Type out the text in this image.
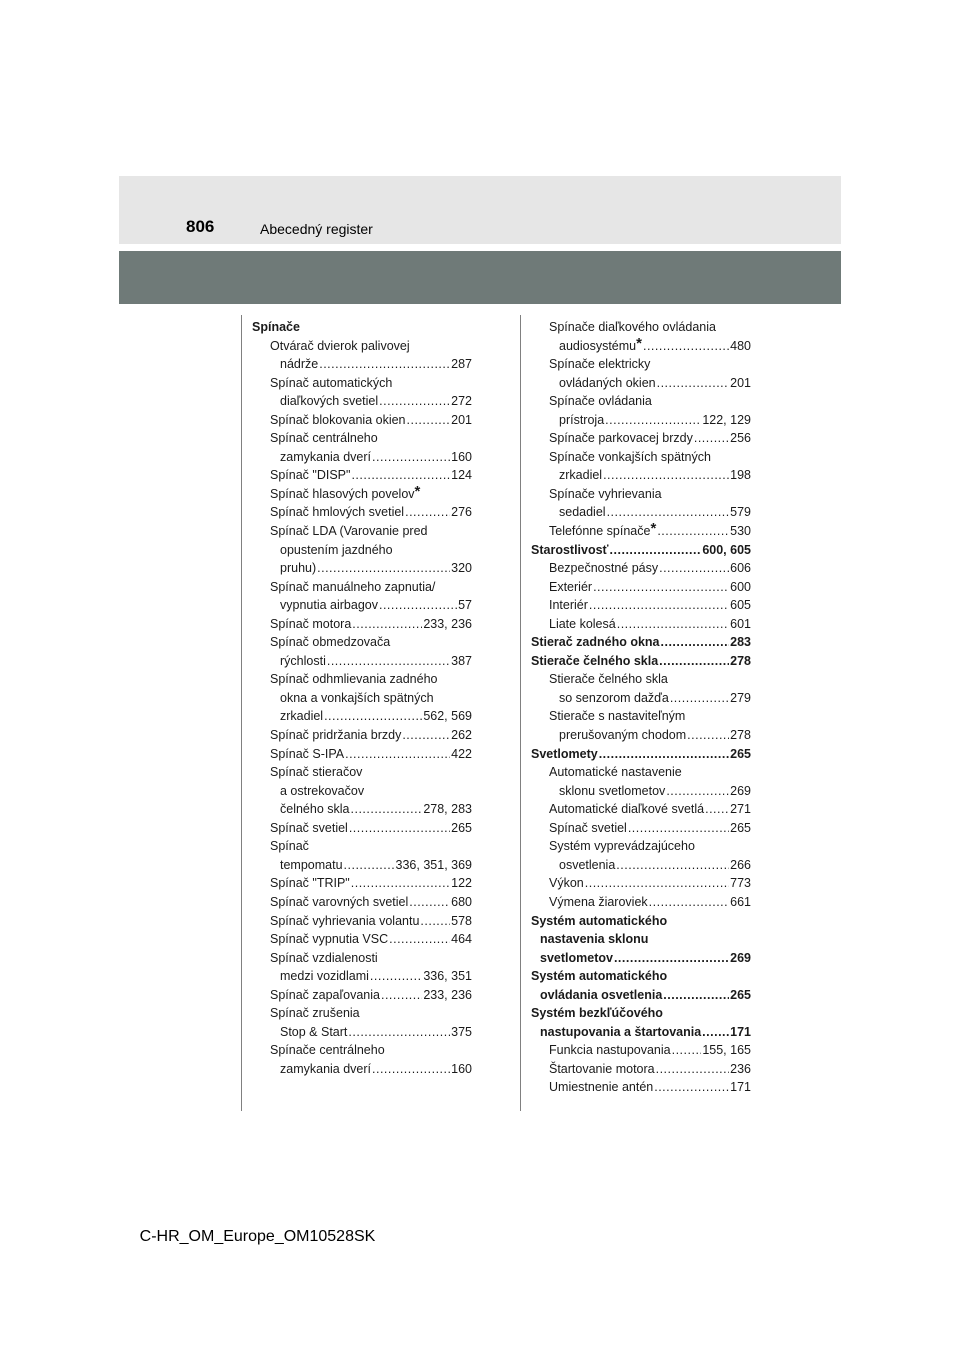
806	Abecedný register
Spínače
Otvárač dvierok palivovej
nádrže .....	287
Spínač automatických
diaľkových svetiel .....	272
Spínač blokovania okien .....	201
Spínač centrálneho
zamykania dverí .....	160
Spínač "DISP" .....	124
Spínač hlasových povelov*
Spínač hmlových svetiel .....	276
Spínač LDA (Varovanie pred
opustením jazdného
pruhu) .....	320
Spínač manuálneho zapnutia/
vypnutia airbagov .....	57
Spínač motora .....	233, 236
Spínač obmedzovača
rýchlosti .....	387
Spínač odhmlievania zadného
okna a vonkajších spätných
zrkadiel .....	562, 569
Spínač pridržania brzdy .....	262
Spínač S-IPA .....	422
Spínač stieračov
a ostrekovačov
čelného skla .....	278, 283
Spínač svetiel .....	265
Spínač
tempomatu .....	336, 351, 369
Spínač "TRIP" .....	122
Spínač varovných svetiel .....	680
Spínač vyhrievania volantu .....	578
Spínač vypnutia VSC .....	464
Spínač vzdialenosti
medzi vozidlami .....	336, 351
Spínač zapaľovania .....	233, 236
Spínač zrušenia
Stop & Start .....	375
Spínače centrálneho
zamykania dverí .....	160
Spínače diaľkového ovládania
audiosystému* .....	480
Spínače elektricky
ovládaných okien .....	201
Spínače ovládania
prístroja .....	122, 129
Spínače parkovacej brzdy .....	256
Spínače vonkajších spätných
zrkadiel .....	198
Spínače vyhrievania
sedadiel .....	579
Telefónne spínače* .....	530
Starostlivosť .....	600, 605
Bezpečnostné pásy .....	606
Exteriér .....	600
Interiér .....	605
Liate kolesá .....	601
Stierač zadného okna .....	283
Stierače čelného skla .....	278
Stierače čelného skla
so senzorom dažďa .....	279
Stierače s nastaviteľným
prerušovaným chodom .....	278
Svetlomety .....	265
Automatické nastavenie
sklonu svetlometov .....	269
Automatické diaľkové svetlá ..... 271
Spínač svetiel .....	265
Systém vyprevádzajúceho
osvetlenia .....	266
Výkon .....	773
Výmena žiaroviek .....	661
Systém automatického
nastavenia sklonu
svetlometov .....	269
Systém automatického
ovládania osvetlenia .....	265
Systém bezkľúčového
nastupovania a štartovania ..... 171
Funkcia nastupovania .....	155, 165
Štartovanie motora .....	236
Umiestnenie antén .....	171
C-HR_OM_Europe_OM10528SK
